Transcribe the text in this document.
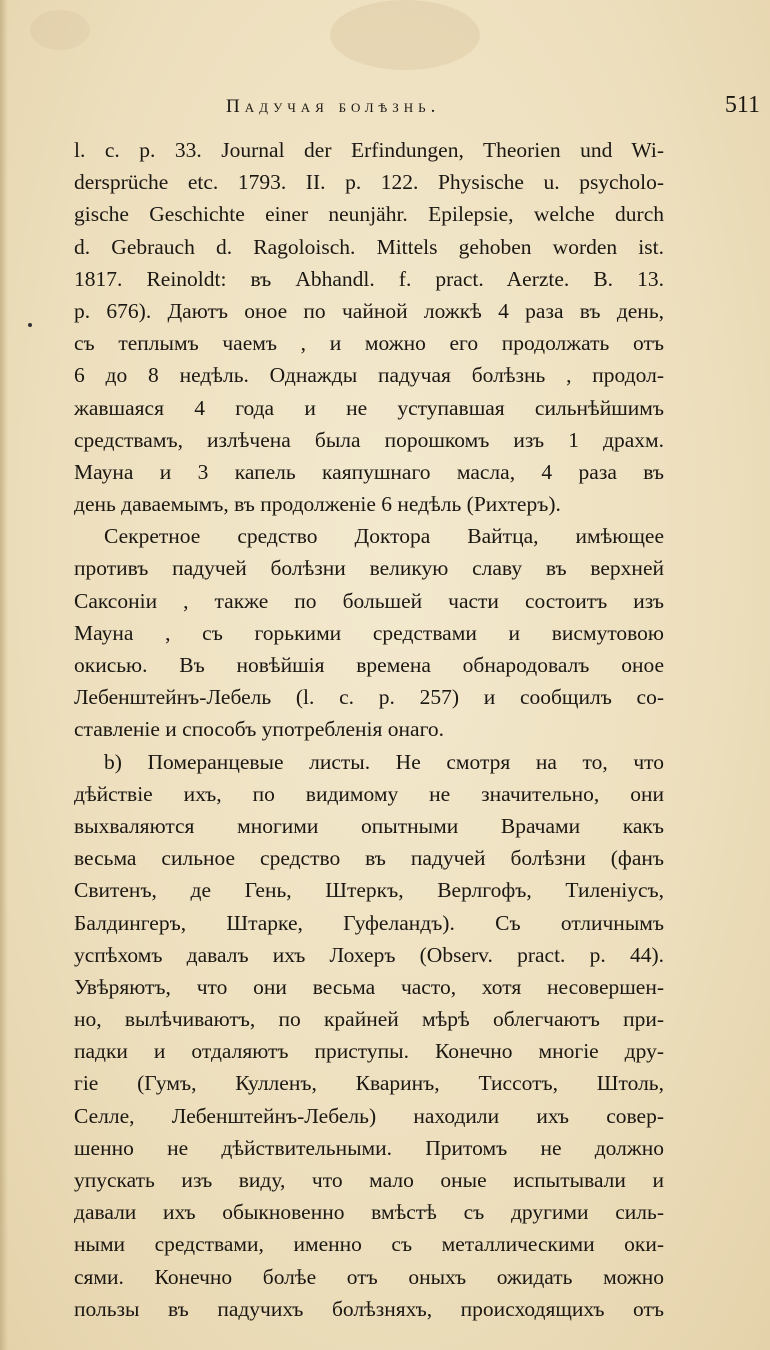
Падучая болѣзнь.	511
l. c. p. 33. Journal der Erfindungen, Theorien und Wi-
dersprüche etc. 1793. II. p. 122. Physische u. psycholo-
gische Geschichte einer neunjähr. Epilepsie, welche durch
d. Gebrauch d. Ragoloisch. Mittels gehoben worden ist.
1817. Reinoldt: въ Abhandl. f. pract. Aerzte. B. 13.
p. 676). Даютъ оное по чайной ложкѣ 4 раза въ день,
съ теплымъ чаемъ , и можно его продолжать отъ
6 до 8 недѣль. Однажды падучая болѣзнь , продол-
жавшаяся 4 года и не уступавшая сильнѣйшимъ
средствамъ, излѣчена была порошкомъ изъ 1 драхм.
Мауна и 3 капель каяпушнаго масла, 4 раза въ
день даваемымъ, въ продолженіе 6 недѣль (Рихтеръ).
Секретное средство Доктора Вайтца, имѣющее
противъ падучей болѣзни великую славу въ верхней
Саксоніи , также по большей части состоитъ изъ
Мауна , съ горькими средствами и висмутовою
окисью. Въ новѣйшія времена обнародовалъ оное
Лебенштейнъ-Лебель (l. c. p. 257) и сообщилъ со-
ставленіе и способъ употребленія онаго.
b) Померанцевые листы. Не смотря на то, что
дѣйствіе ихъ, по видимому не значительно, они
выхваляются многими опытными Врачами какъ
весьма сильное средство въ падучей болѣзни (фанъ
Свитенъ, де Гень, Штеркъ, Верлгофъ, Тиленіусъ,
Балдингеръ, Штарке, Гуфеландъ). Съ отличнымъ
успѣхомъ давалъ ихъ Лохеръ (Observ. pract. p. 44).
Увѣряютъ, что они весьма часто, хотя несовершен-
но, вылѣчиваютъ, по крайней мѣрѣ облегчаютъ при-
падки и отдаляютъ приступы. Конечно многіе дру-
гіе (Гумъ, Кулленъ, Кваринъ, Тиссотъ, Штоль,
Селле, Лебенштейнъ-Лебель) находили ихъ совер-
шенно не дѣйствительными. Притомъ не должно
упускать изъ виду, что мало оные испытывали и
давали ихъ обыкновенно вмѣстѣ съ другими силь-
ными средствами, именно съ металлическими оки-
сями. Конечно болѣе отъ оныхъ ожидать можно
пользы въ падучихъ болѣзняхъ, происходящихъ отъ
